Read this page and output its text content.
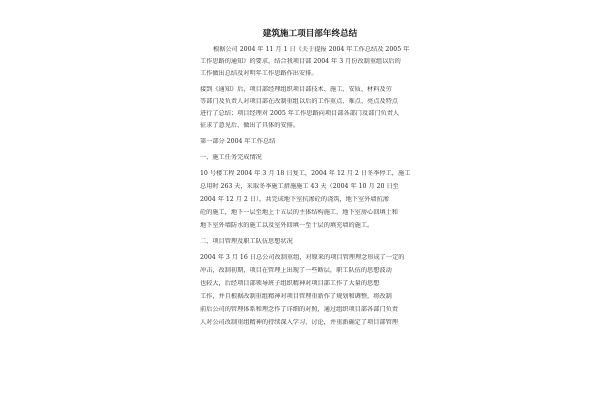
建筑施工项目部年终总结
根据公司 2004 年 11 月 1 日《关于提报 2004 年工作总结及 2005 年
工作思路的通知》的要求，结合我项目部 2004 年 3 月份改制重组以后的
工作做出总结及对明年工作思路作出安排。
接到《通知》后，项目部经理组织项目部技术、施工、安质、材料及劳
等部门及负责人对项目部在改制重组以后的工作重点、难点、亮点及特点
进行了总结；项目经理对 2005 年工作思路向项目部各部门及部门负责人
征求了意见后，做出了具体的安排。
第一部分 2004 年工作总结
一、施工任务完成情况
10 号楼工程 2004 年 3 月 18 日复工，2004 年 12 月 2 日冬季停工，施工
总用时 263 天，采取冬季施工措施施工 43 天（2004 年 10 月 20 日至
2004 年 12 月 2 日），共完成地下室抗渗砼的浇筑，地下室外墙抗渗
砼的施工，地下一层至地上十五层的主体结构施工，地下室房心回填土和
地下室外墙防水的施工以及室外回填一至十层的填充墙的施工。
二、项目管理及职工队伍思想状况
2004 年 3 月 16 日总公司改制重组，对原来的项目管理理念形成了一定的
冲击，改制初期，项目在管理上出现了一些断层，职工队伍的思想波动
也较大，后经项目部领导班子组织精神对项目部工作了大量的思想
工作，并且根据改制重组精神对项目管理重新作了规划和调整，将改制
前后公司的管理体系和理念作了详细的对照，通过组织项目部各部门负责
人对公司改制重组精神的持续深入学习、讨论，并重新确定了项目部管理
